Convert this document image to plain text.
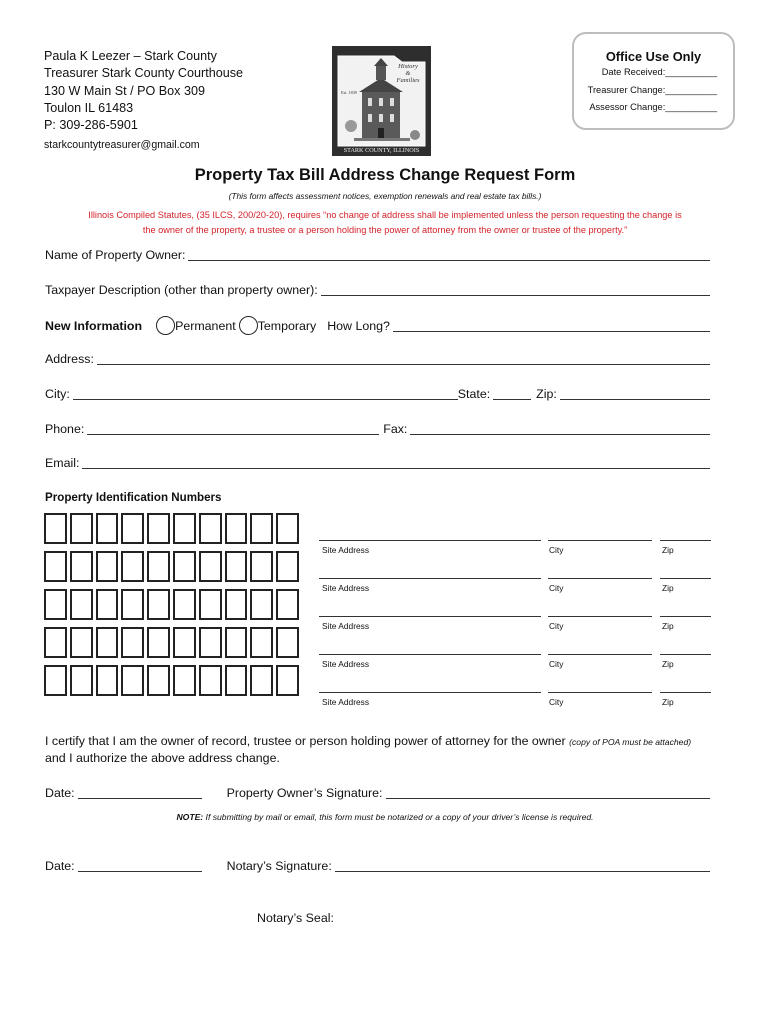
Paula K Leezer – Stark County
Treasurer Stark County Courthouse
130 W Main St / PO Box 309
Toulon IL 61483
P: 309-286-5901
starkcountytreasurer@gmail.com
History
&
Families
Est. 1839
STARK COUNTY, ILLINOIS
Office Use Only
Date Received:__________
Treasurer Change:__________
Assessor Change:__________
Property Tax Bill Address Change Request Form
(This form affects assessment notices, exemption renewals and real estate tax bills.)
Illinois Compiled Statutes, (35 ILCS, 200/20-20), requires “no change of address shall be implemented unless the person requesting the change is
the owner of the property, a trustee or a person holding the power of attorney from the owner or trustee of the property.”
Name of Property Owner:
Taxpayer Description (other than property owner):
New Information	Permanent Temporary How Long?
Address:
City:	State:	Zip:
Phone:	Fax:
Email:
Property Identification Numbers
Site Address	City	Zip
Site Address	City	Zip
Site Address	City	Zip
Site Address	City	Zip
Site Address	City	Zip
I certify that I am the owner of record, trustee or person holding power of attorney for the owner (copy of POA must be attached) and I authorize the above address change.
Date:	Property Owner’s Signature:
NOTE: If submitting by mail or email, this form must be notarized or a copy of your driver’s license is required.
Date:	Notary’s Signature:
Notary’s Seal:
